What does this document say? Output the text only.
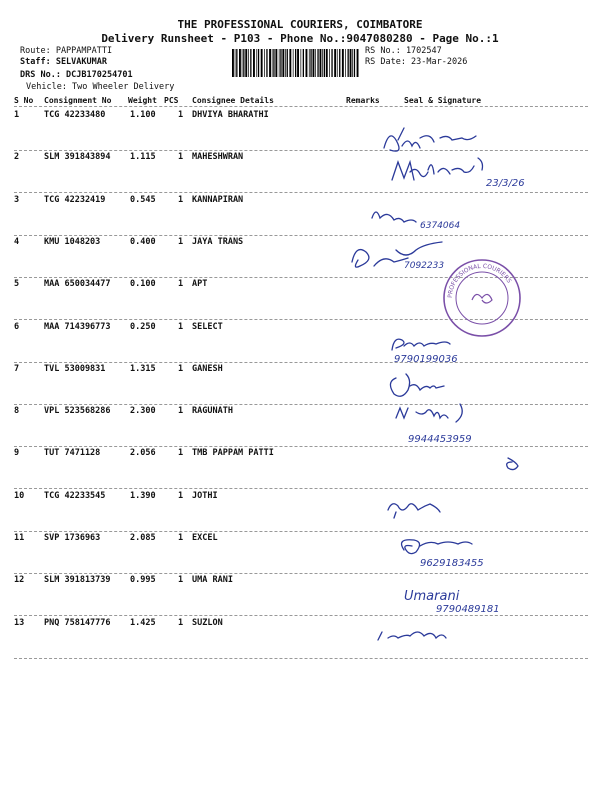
THE PROFESSIONAL COURIERS, COIMBATORE
Delivery Runsheet - P103 - Phone No.:9047080280 - Page No.:1
Route: PAPPAMPATTI
Staff: SELVAKUMAR
DRS No.: DCJB170254701
Vehicle: Two Wheeler Delivery
RS No.: 1702547
RS Date: 23-Mar-2026
S No Consignment No Weight PCS Consignee Details	Remarks	Seal & Signature
1	TCG 42233480	1.100	1 DHVIYA BHARATHI
2	SLM 391843894 1.115	1 MAHESHWRAN
3	TCG 42232419	0.545	1 KANNAPIRAN
4	KMU 1048203	0.400	1 JAYA TRANS
5	MAA 650034477 0.100	1 APT
6	MAA 714396773 0.250	1 SELECT
7	TVL 53009831	1.315	1 GANESH
8	VPL 523568286 2.300	1 RAGUNATH
9	TUT 7471128	2.056	1 TMB PAPPAM PATTI
10 TCG 42233545	1.390	1 JOTHI
11 SVP 1736963	2.085	1 EXCEL
12 SLM 391813739 0.995	1 UMA RANI
13 PNQ 758147776 1.425	1 SUZLON
23/3/26
6374064
7092233
9790199036
9944453959
9629183455
Umarani
9790489181
PROFESSIONAL COURIERS
